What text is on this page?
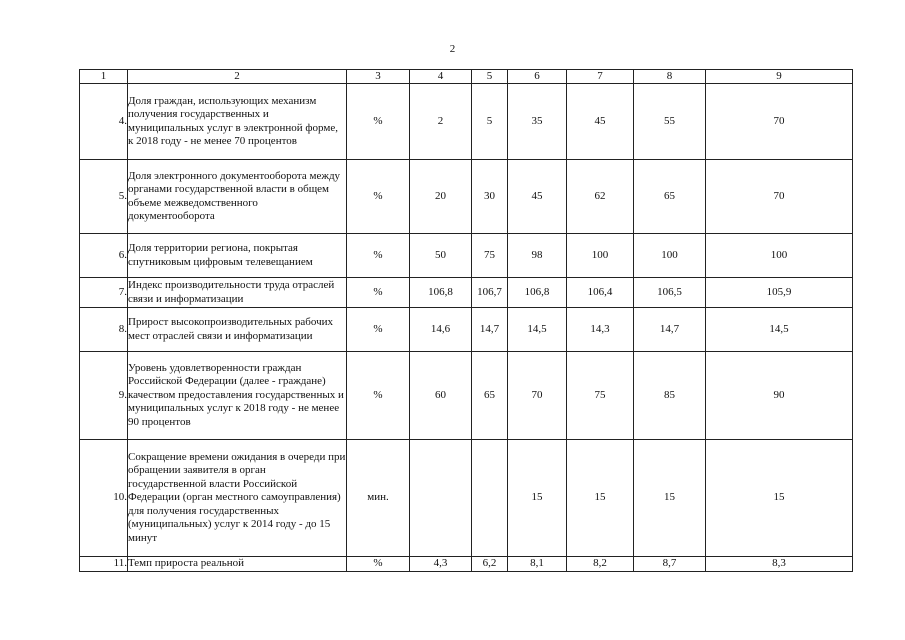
2
1	2	3	4	5	6	7	8	9
4.	Доля граждан, использующих механизм получения государственных и муниципальных услуг в электронной форме, к 2018 году - не менее 70 процентов	%	2	5	35	45	55	70
5.	Доля электронного документооборота между органами государственной власти в общем объеме межведомственного документооборота	%	20	30	45	62	65	70
6.	Доля территории региона, покрытая спутниковым цифровым телевещанием	%	50	75	98	100	100	100
7.	Индекс производительности труда отраслей связи и информатизации	%	106,8	106,7	106,8	106,4	106,5	105,9
8.	Прирост высокопроизводительных рабочих мест отраслей связи и информатизации	%	14,6	14,7	14,5	14,3	14,7	14,5
9.	Уровень удовлетворенности граждан Российской Федерации (далее - граждане) качеством предоставления государственных и муниципальных услуг к 2018 году - не менее 90 процентов	%	60	65	70	75	85	90
10.	Сокращение времени ожидания в очереди при обращении заявителя в орган государственной власти Российской Федерации (орган местного самоуправления) для получения государственных (муниципальных) услуг к 2014 году - до 15 минут	мин.			15	15	15	15
11.	Темп прироста реальной	%	4,3	6,2	8,1	8,2	8,7	8,3
